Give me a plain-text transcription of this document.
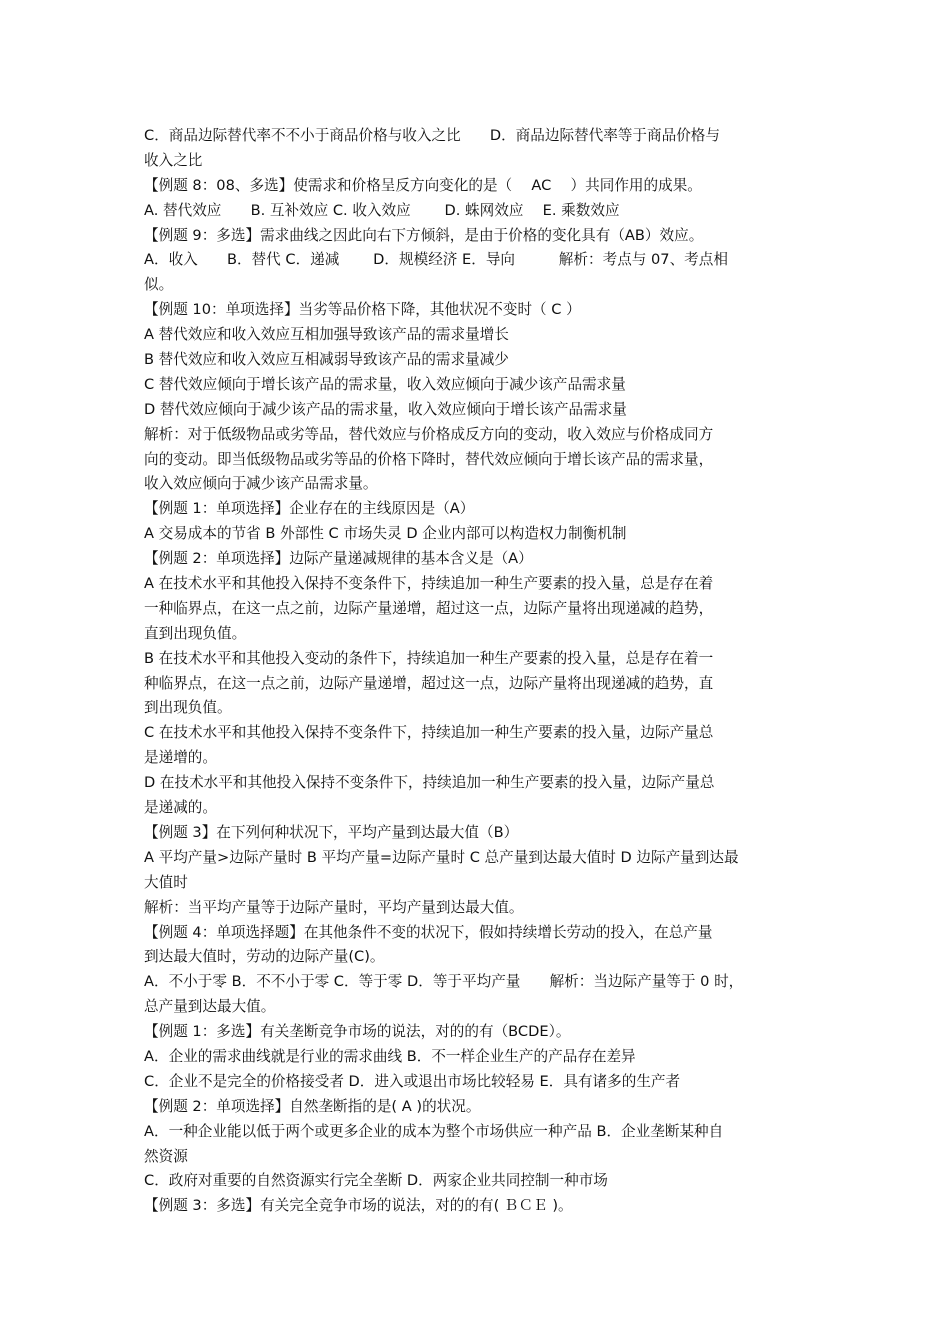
C．商品边际替代率不不小于商品价格与收入之比　　D．商品边际替代率等于商品价格与
收入之比
【例题 8：08、多选】使需求和价格呈反方向变化的是（　 AC　 ）共同作用的成果。
A. 替代效应　　B. 互补效应 C. 收入效应　　 D. 蛛网效应　 E. 乘数效应
【例题 9：多选】需求曲线之因此向右下方倾斜，是由于价格的变化具有（AB）效应。
A．收入　　B．替代 C．递减　　 D．规模经济 E．导向　　　解析：考点与 07、考点相
似。
【例题 10：单项选择】当劣等品价格下降，其他状况不变时（ C ）
A 替代效应和收入效应互相加强导致该产品的需求量增长
B 替代效应和收入效应互相减弱导致该产品的需求量减少
C 替代效应倾向于增长该产品的需求量，收入效应倾向于减少该产品需求量
D 替代效应倾向于减少该产品的需求量，收入效应倾向于增长该产品需求量
解析：对于低级物品或劣等品，替代效应与价格成反方向的变动，收入效应与价格成同方
向的变动。即当低级物品或劣等品的价格下降时，替代效应倾向于增长该产品的需求量，
收入效应倾向于减少该产品需求量。
【例题 1：单项选择】企业存在的主线原因是（A）
A 交易成本的节省 B 外部性 C 市场失灵 D 企业内部可以构造权力制衡机制
【例题 2：单项选择】边际产量递减规律的基本含义是（A）
A 在技术水平和其他投入保持不变条件下，持续追加一种生产要素的投入量，总是存在着
一种临界点，在这一点之前，边际产量递增，超过这一点，边际产量将出现递减的趋势，
直到出现负值。
B 在技术水平和其他投入变动的条件下，持续追加一种生产要素的投入量，总是存在着一
种临界点，在这一点之前，边际产量递增，超过这一点，边际产量将出现递减的趋势，直
到出现负值。
C 在技术水平和其他投入保持不变条件下，持续追加一种生产要素的投入量，边际产量总
是递增的。
D 在技术水平和其他投入保持不变条件下，持续追加一种生产要素的投入量，边际产量总
是递减的。
【例题 3】在下列何种状况下，平均产量到达最大值（B）
A 平均产量>边际产量时 B 平均产量=边际产量时 C 总产量到达最大值时 D 边际产量到达最
大值时
解析：当平均产量等于边际产量时，平均产量到达最大值。
【例题 4：单项选择题】在其他条件不变的状况下，假如持续增长劳动的投入，在总产量
到达最大值时，劳动的边际产量(C)。
A．不小于零 B．不不小于零 C．等于零 D．等于平均产量　　解析：当边际产量等于 0 时，
总产量到达最大值。
【例题 1：多选】有关垄断竞争市场的说法，对的的有（BCDE）。
A．企业的需求曲线就是行业的需求曲线 B．不一样企业生产的产品存在差异
C．企业不是完全的价格接受者 D．进入或退出市场比较轻易 E．具有诸多的生产者
【例题 2：单项选择】自然垄断指的是( A )的状况。
A．一种企业能以低于两个或更多企业的成本为整个市场供应一种产品 B．企业垄断某种自
然资源
C．政府对重要的自然资源实行完全垄断 D．两家企业共同控制一种市场
【例题 3：多选】有关完全竞争市场的说法，对的的有( ＢＣＥ )。
